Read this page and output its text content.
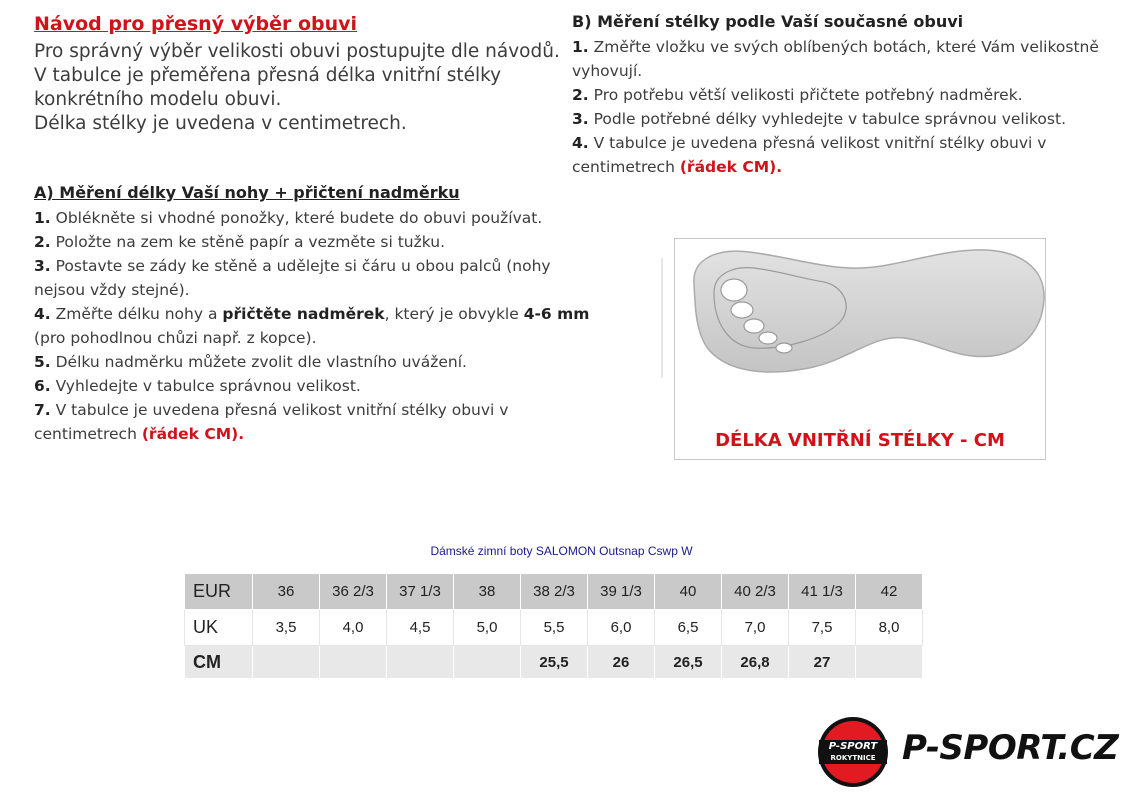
Návod pro přesný výběr obuvi
Pro správný výběr velikosti obuvi postupujte dle návodů.
V tabulce je přeměřena přesná délka vnitřní stélky
konkrétního modelu obuvi.
Délka stélky je uvedena v centimetrech.
A) Měření délky Vaší nohy + přičtení nadměrku
1. Oblékněte si vhodné ponožky, které budete do obuvi používat.
2. Položte na zem ke stěně papír a vezměte si tužku.
3. Postavte se zády ke stěně a udělejte si čáru u obou palců (nohy nejsou vždy stejné).
4. Změřte délku nohy a přičtěte nadměrek, který je obvykle 4-6 mm (pro pohodlnou chůzi např. z kopce).
5. Délku nadměrku můžete zvolit dle vlastního uvážení.
6. Vyhledejte v tabulce správnou velikost.
7. V tabulce je uvedena přesná velikost vnitřní stélky obuvi v centimetrech (řádek CM).
B) Měření stélky podle Vaší současné obuvi
1. Změřte vložku ve svých oblíbených botách, které Vám velikostně vyhovují.
2. Pro potřebu větší velikosti přičtete potřebný nadměrek.
3. Podle potřebné délky vyhledejte v tabulce správnou velikost.
4. V tabulce je uvedena přesná velikost vnitřní stélky obuvi v centimetrech (řádek CM).
DÉLKA VNITŘNÍ STÉLKY - CM
Dámské zimní boty SALOMON Outsnap Cswp W
EUR	36	36 2/3	37 1/3	38	38 2/3	39 1/3	40	40 2/3	41 1/3	42
UK	3,5	4,0	4,5	5,0	5,5	6,0	6,5	7,0	7,5	8,0
CM					25,5	26	26,5	26,8	27	
P-SPORT
ROKYTNICE P-SPORT.CZ
